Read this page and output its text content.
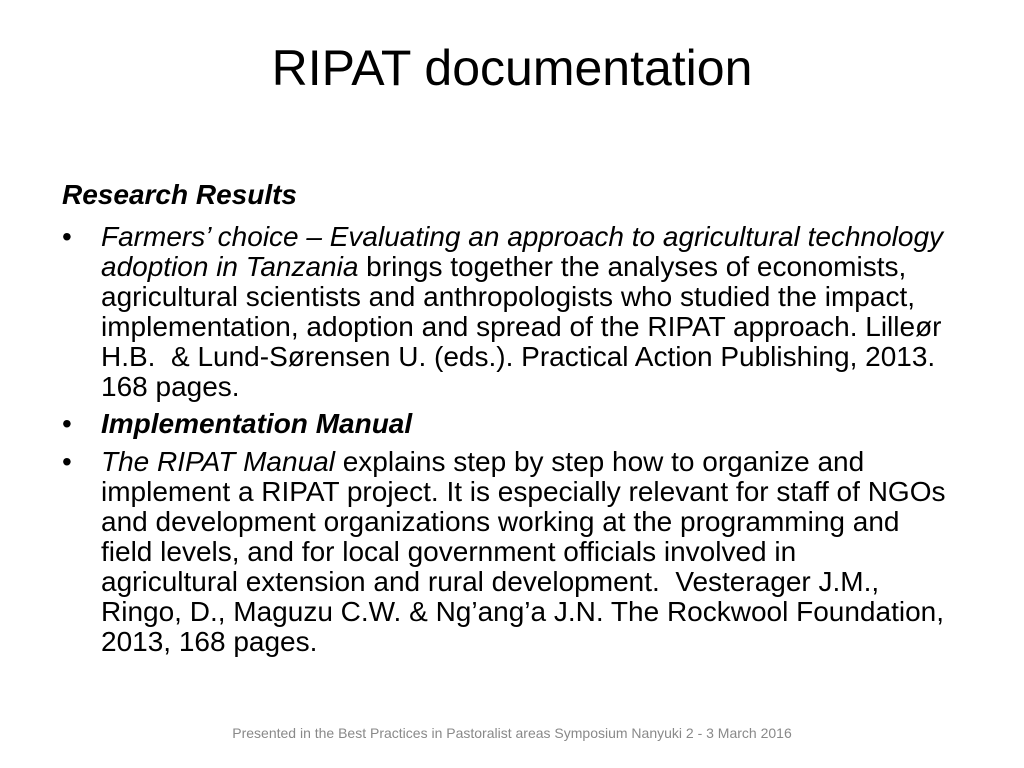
RIPAT documentation
Research Results
•	Farmers’ choice – Evaluating an approach to agricultural technology
adoption in Tanzania brings together the analyses of economists,
agricultural scientists and anthropologists who studied the impact,
implementation, adoption and spread of the RIPAT approach. Lilleør
H.B.  & Lund-Sørensen U. (eds.). Practical Action Publishing, 2013.
168 pages.
•	Implementation Manual
•	The RIPAT Manual explains step by step how to organize and
implement a RIPAT project. It is especially relevant for staff of NGOs
and development organizations working at the programming and
field levels, and for local government officials involved in
agricultural extension and rural development.  Vesterager J.M.,
Ringo, D., Maguzu C.W. & Ng’ang’a J.N. The Rockwool Foundation,
2013, 168 pages.
Presented in the Best Practices in Pastoralist areas Symposium Nanyuki 2 - 3 March 2016
